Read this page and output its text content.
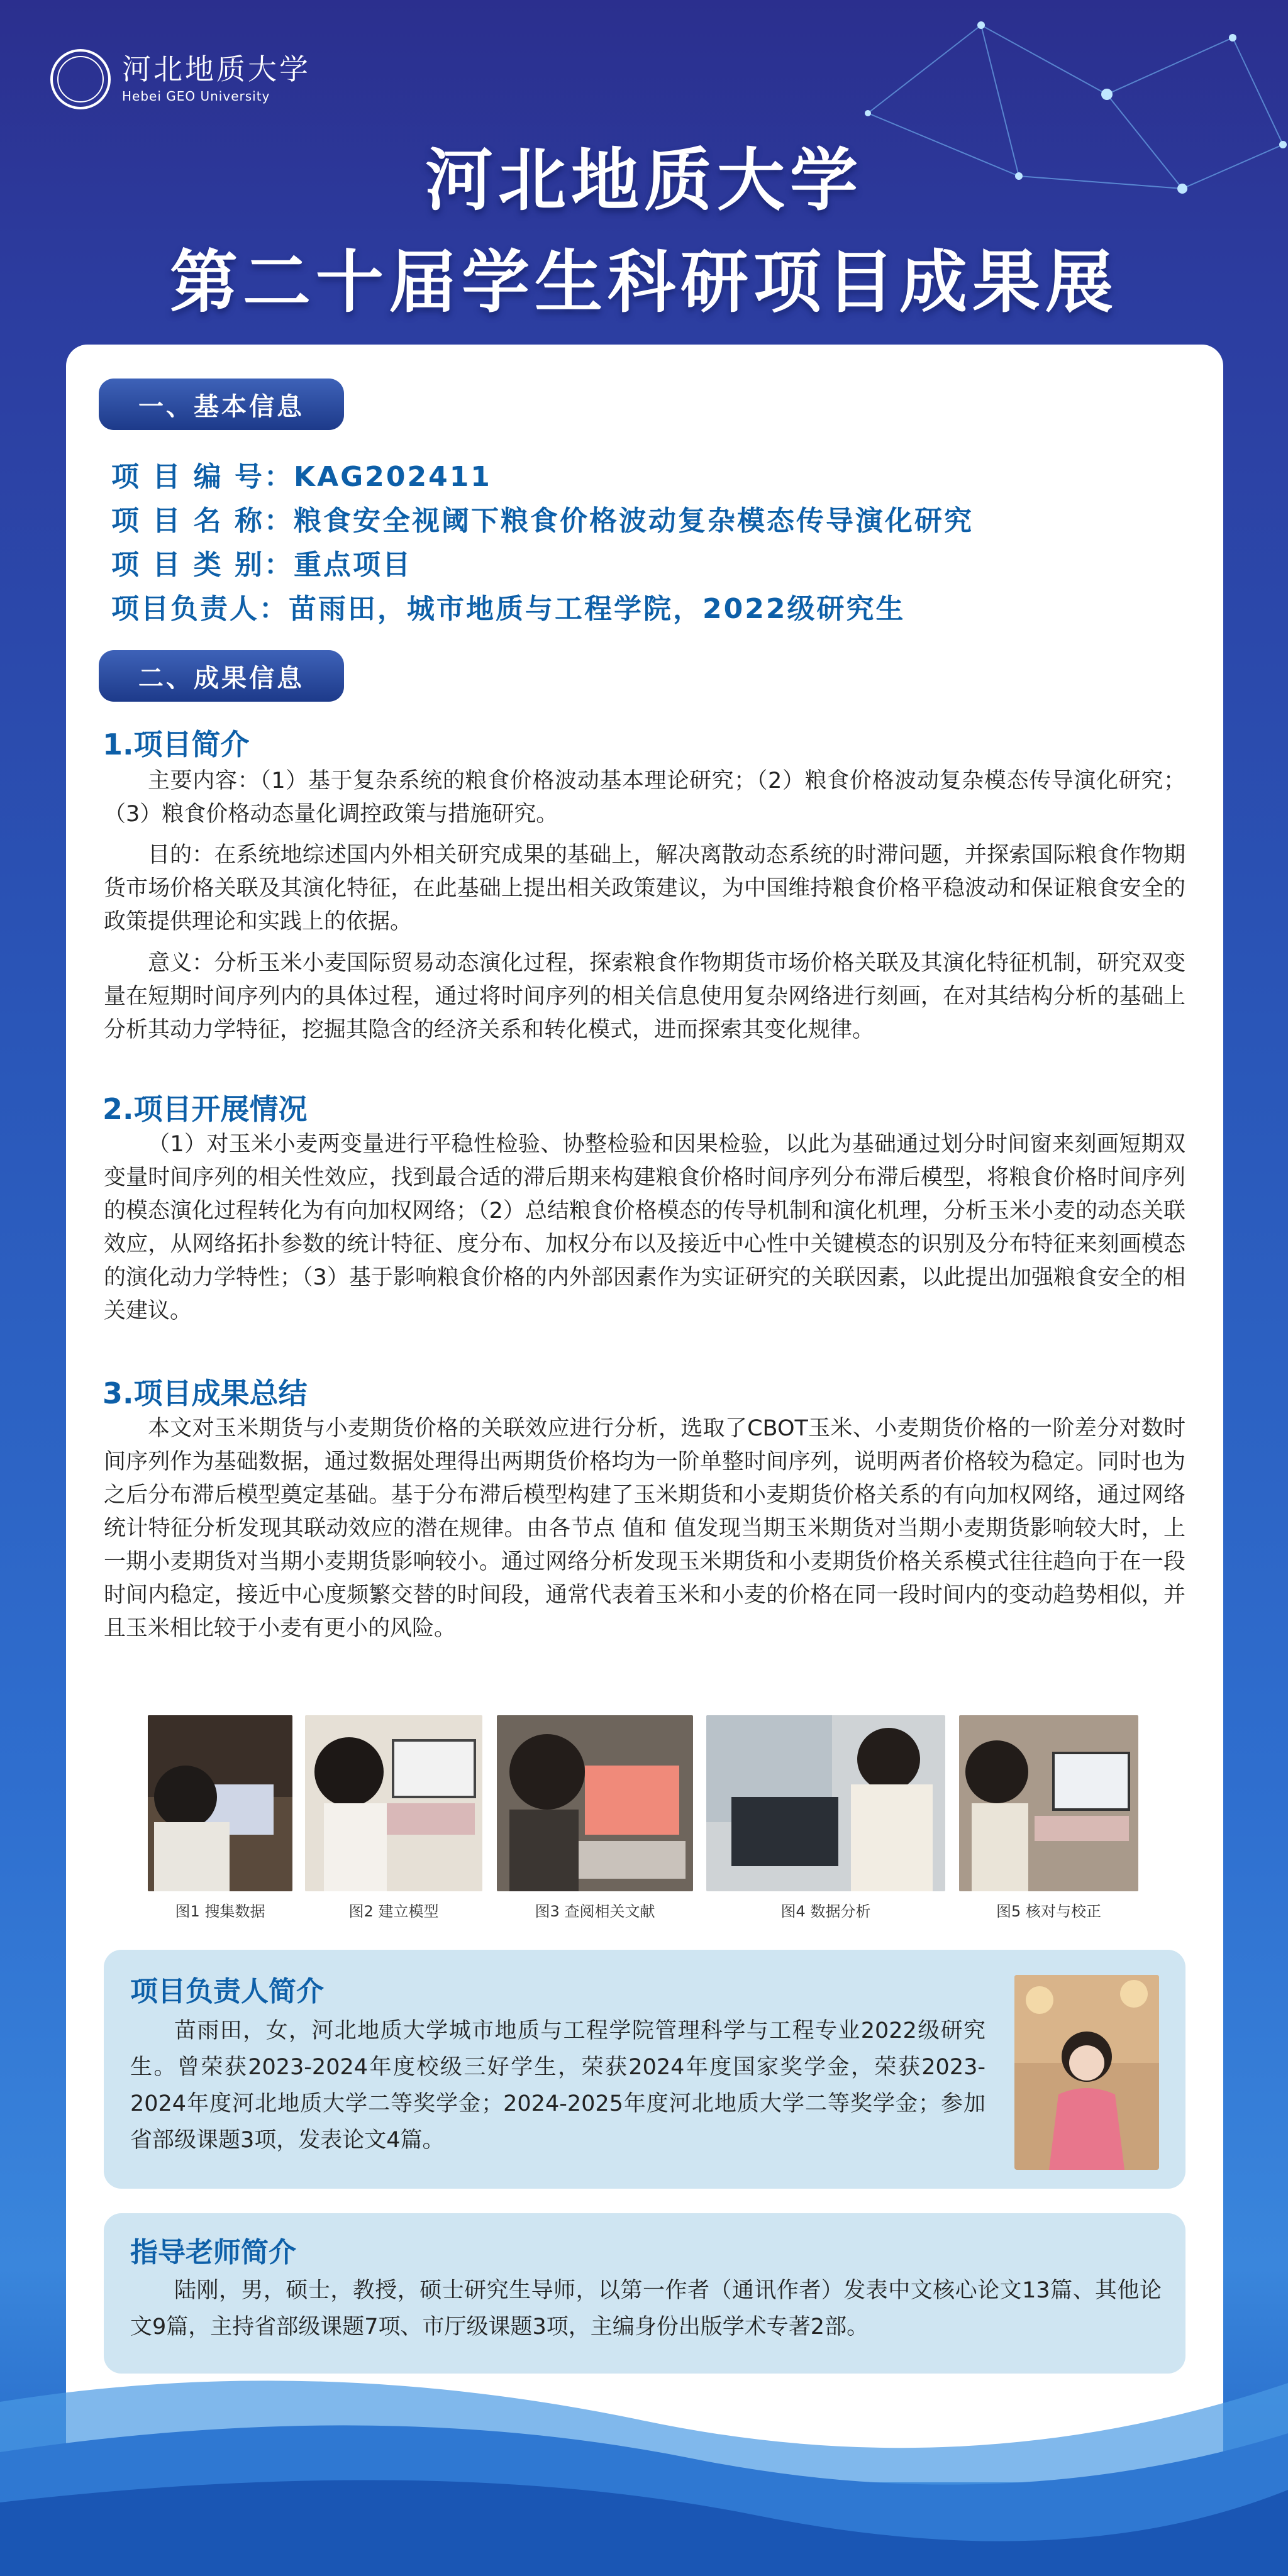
河北地质大学
Hebei GEO University
河北地质大学
第二十届学生科研项目成果展
一、基本信息
项 目 编 号：KAG202411
项 目 名 称：粮食安全视阈下粮食价格波动复杂模态传导演化研究
项 目 类 别：重点项目
项目负责人：苗雨田，城市地质与工程学院，2022级研究生
二、成果信息
1.项目简介
主要内容：（1）基于复杂系统的粮食价格波动基本理论研究；（2）粮食价格波动复杂模态传导演化研究；（3）粮食价格动态量化调控政策与措施研究。
目的：在系统地综述国内外相关研究成果的基础上，解决离散动态系统的时滞问题，并探索国际粮食作物期货市场价格关联及其演化特征，在此基础上提出相关政策建议，为中国维持粮食价格平稳波动和保证粮食安全的政策提供理论和实践上的依据。
意义：分析玉米小麦国际贸易动态演化过程，探索粮食作物期货市场价格关联及其演化特征机制，研究双变量在短期时间序列内的具体过程，通过将时间序列的相关信息使用复杂网络进行刻画，在对其结构分析的基础上分析其动力学特征，挖掘其隐含的经济关系和转化模式，进而探索其变化规律。
2.项目开展情况
（1）对玉米小麦两变量进行平稳性检验、协整检验和因果检验，以此为基础通过划分时间窗来刻画短期双变量时间序列的相关性效应，找到最合适的滞后期来构建粮食价格时间序列分布滞后模型，将粮食价格时间序列的模态演化过程转化为有向加权网络；（2）总结粮食价格模态的传导机制和演化机理，分析玉米小麦的动态关联效应，从网络拓扑参数的统计特征、度分布、加权分布以及接近中心性中关键模态的识别及分布特征来刻画模态的演化动力学特性；（3）基于影响粮食价格的内外部因素作为实证研究的关联因素，以此提出加强粮食安全的相关建议。
3.项目成果总结
本文对玉米期货与小麦期货价格的关联效应进行分析，选取了CBOT玉米、小麦期货价格的一阶差分对数时间序列作为基础数据，通过数据处理得出两期货价格均为一阶单整时间序列，说明两者价格较为稳定。同时也为之后分布滞后模型奠定基础。基于分布滞后模型构建了玉米期货和小麦期货价格关系的有向加权网络，通过网络统计特征分析发现其联动效应的潜在规律。由各节点 值和 值发现当期玉米期货对当期小麦期货影响较大时，上一期小麦期货对当期小麦期货影响较小。通过网络分析发现玉米期货和小麦期货价格关系模式往往趋向于在一段时间内稳定，接近中心度频繁交替的时间段，通常代表着玉米和小麦的价格在同一段时间内的变动趋势相似，并且玉米相比较于小麦有更小的风险。
图1 搜集数据	图2 建立模型	图3 查阅相关文献	图4 数据分析	图5 核对与校正
项目负责人简介
苗雨田，女，河北地质大学城市地质与工程学院管理科学与工程专业2022级研究生。曾荣获2023-2024年度校级三好学生，荣获2024年度国家奖学金，荣获2023-2024年度河北地质大学二等奖学金；2024-2025年度河北地质大学二等奖学金；参加省部级课题3项，发表论文4篇。
指导老师简介
陆刚，男，硕士，教授，硕士研究生导师，以第一作者（通讯作者）发表中文核心论文13篇、其他论文9篇，主持省部级课题7项、市厅级课题3项，主编身份出版学术专著2部。
